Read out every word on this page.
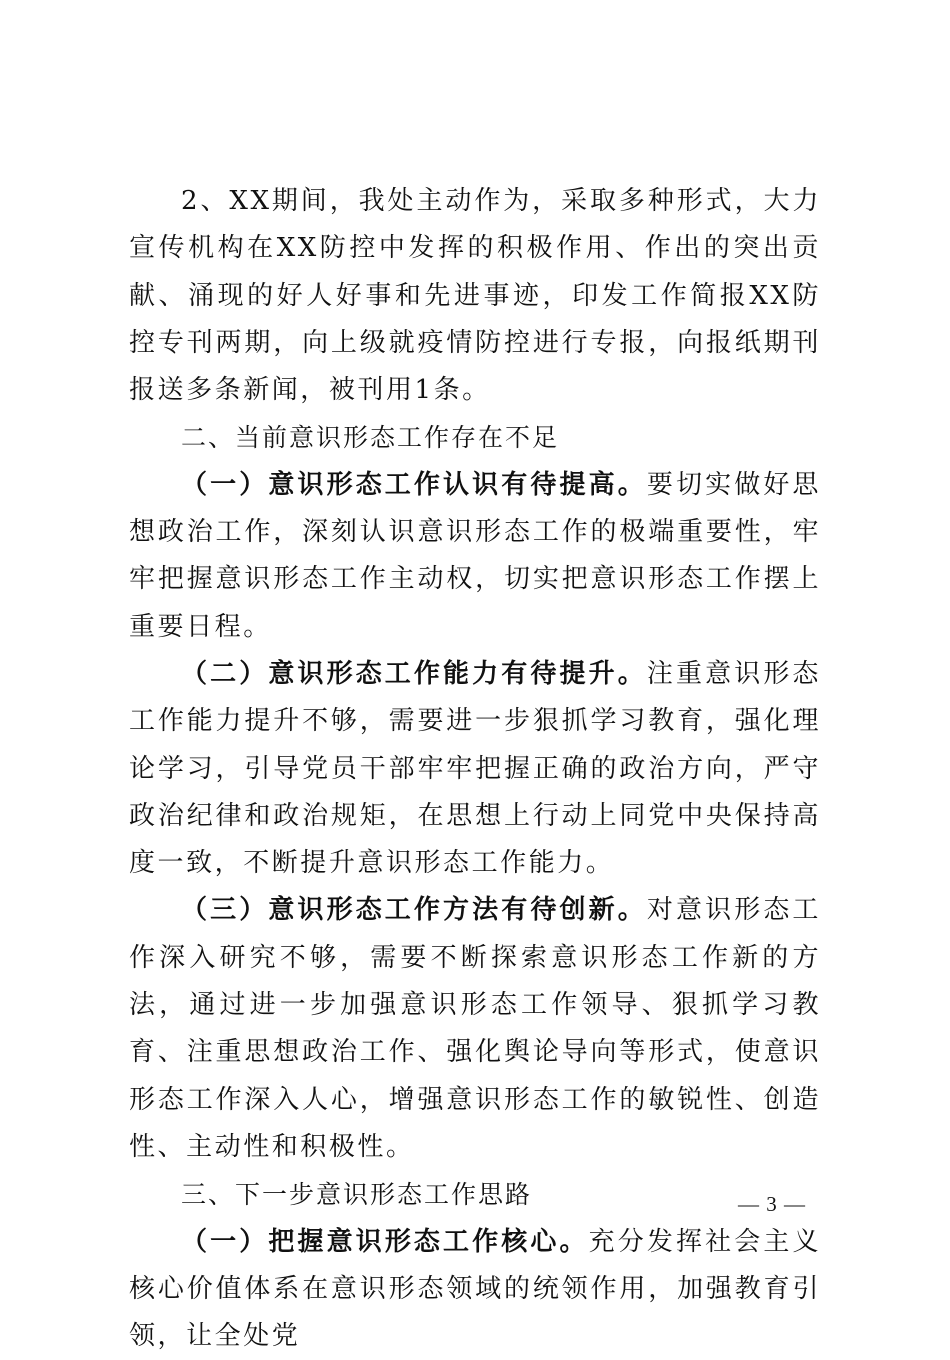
2、XX期间，我处主动作为，采取多种形式，大力宣传机构在XX防控中发挥的积极作用、作出的突出贡献、涌现的好人好事和先进事迹，印发工作简报XX防控专刊两期，向上级就疫情防控进行专报，向报纸期刊报送多条新闻，被刊用1条。

二、当前意识形态工作存在不足

（一）意识形态工作认识有待提高。要切实做好思想政治工作，深刻认识意识形态工作的极端重要性，牢牢把握意识形态工作主动权，切实把意识形态工作摆上重要日程。

（二）意识形态工作能力有待提升。注重意识形态工作能力提升不够，需要进一步狠抓学习教育，强化理论学习，引导党员干部牢牢把握正确的政治方向，严守政治纪律和政治规矩，在思想上行动上同党中央保持高度一致，不断提升意识形态工作能力。

（三）意识形态工作方法有待创新。对意识形态工作深入研究不够，需要不断探索意识形态工作新的方法，通过进一步加强意识形态工作领导、狠抓学习教育、注重思想政治工作、强化舆论导向等形式，使意识形态工作深入人心，增强意识形态工作的敏锐性、创造性、主动性和积极性。

三、下一步意识形态工作思路

（一）把握意识形态工作核心。充分发挥社会主义核心价值体系在意识形态领域的统领作用，加强教育引领，让全处党

— 3 —
